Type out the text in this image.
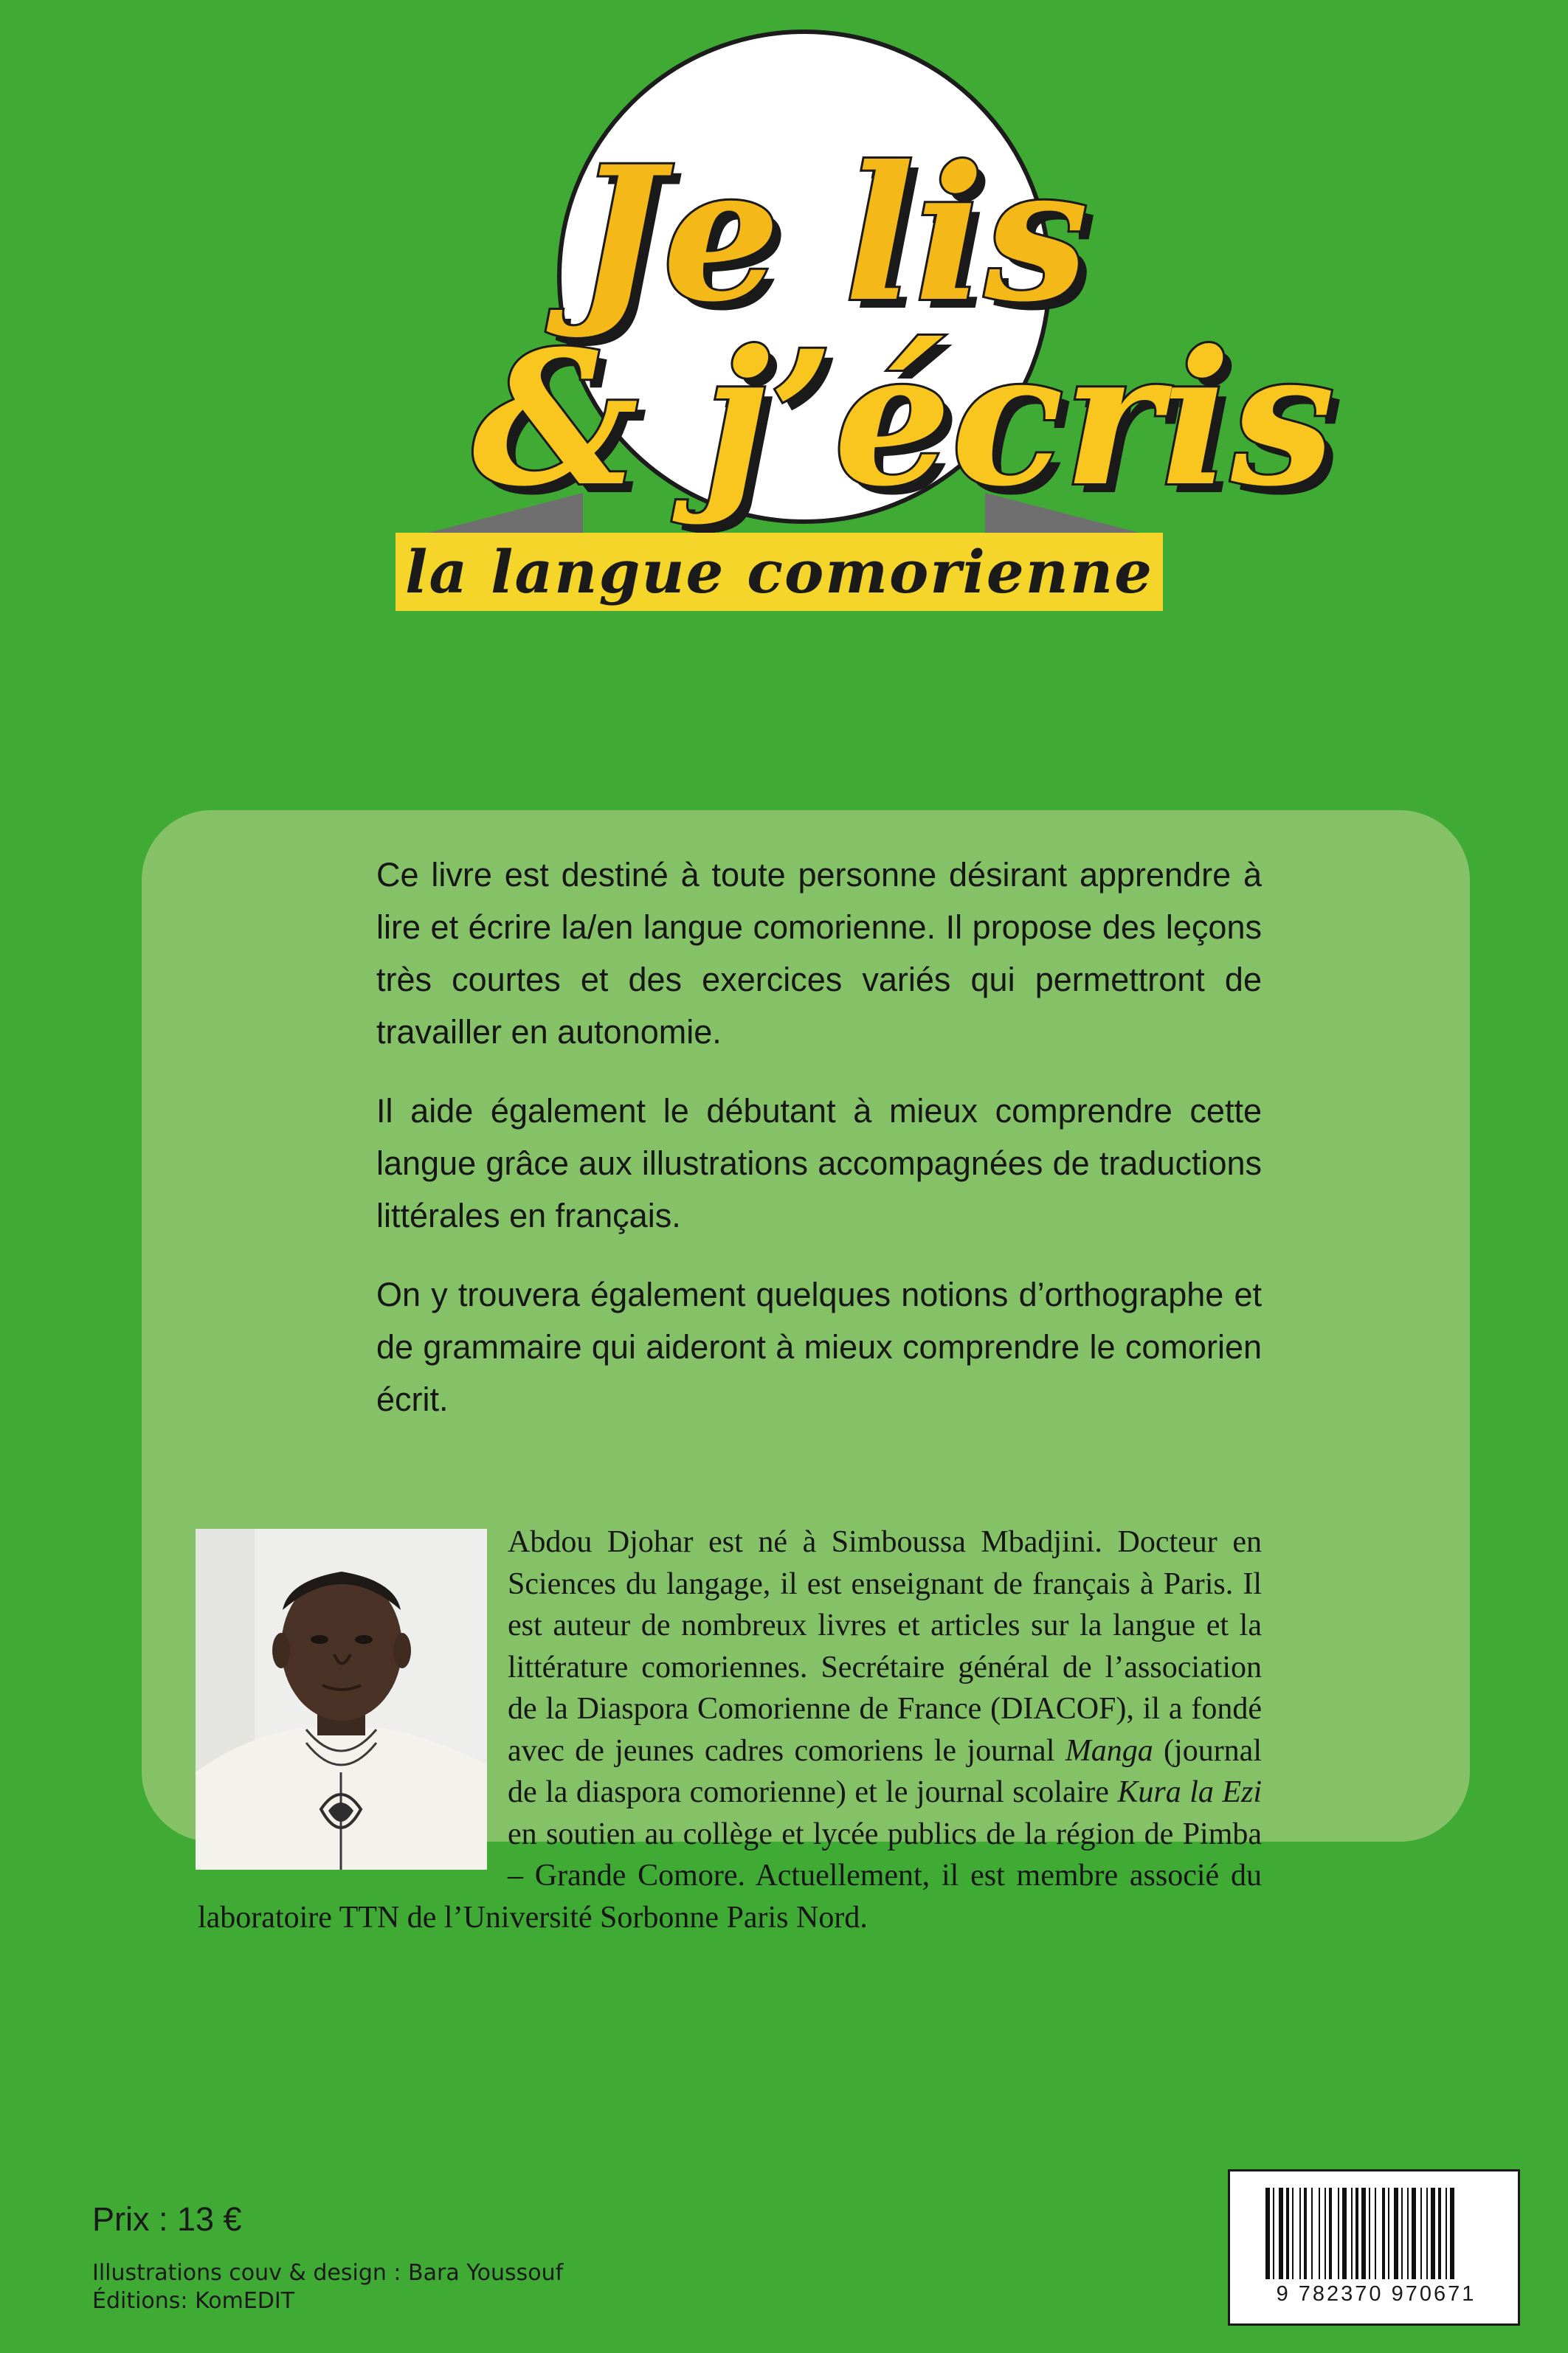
Je lis
& j’écris
la langue comorienne

Ce livre est destiné à toute personne désirant apprendre à lire et écrire la/en langue comorienne. Il propose des leçons très courtes et des exercices variés qui permettront de travailler en autonomie.

Il aide également le débutant à mieux comprendre cette langue grâce aux illustrations accompagnées de traductions littérales en français.

On y trouvera également quelques notions d’orthographe et de grammaire qui aideront à mieux comprendre le comorien écrit.

Abdou Djohar est né à Simboussa Mbadjini. Docteur en Sciences du langage, il est enseignant de français à Paris. Il est auteur de nombreux livres et articles sur la langue et la littérature comoriennes. Secrétaire général de l’association de la Diaspora Comorienne de France (DIACOF), il a fondé avec de jeunes cadres comoriens le journal Manga (journal de la diaspora comorienne) et le journal scolaire Kura la Ezi en soutien au collège et lycée publics de la région de Pimba – Grande Comore. Actuellement, il est membre associé du laboratoire TTN de l’Université Sorbonne Paris Nord.

Prix : 13 €
Illustrations couv & design : Bara Youssouf
Éditions: KomEDIT	9 782370 970671
